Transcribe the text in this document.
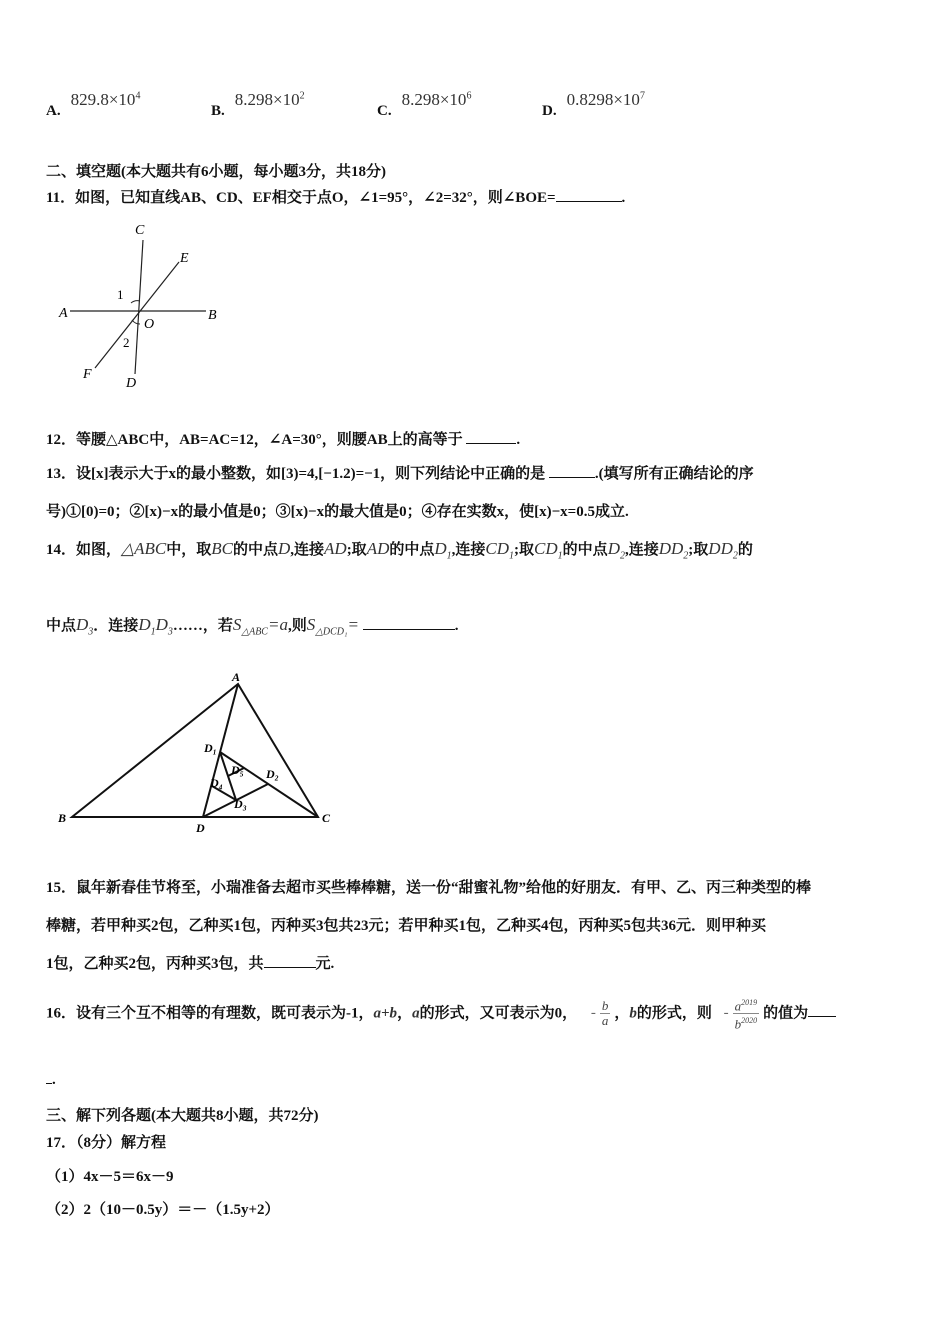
$A.829.8\times 10^4$
$B.8.298\times 10^2$
$C.8.298\times 10^6$
$D.0.8298\times 10^7$
二、填空题(本大题共有6小题，每小题3分，共18分)
11．如图，已知直线AB、CD、EF相交于点O，∠1=95°，∠2=32°，则∠BOE=	.
C
E
A	B
O
1
2
F
D
12．等腰△ABC中，AB=AC=12，∠A=30°，则腰AB上的高等于	.
13．设[x]表示大于x的最小整数，如[3)=4,[−1.2)=−1，则下列结论中正确的是	.(填写所有正确结论的序
号)①[0)=0；②[x)−x的最小值是0；③[x)−x的最大值是0；④存在实数x，使[x)−x=0.5成立.
14．如图，△ABC中，取BC的中点D,连接AD;取AD的中点$D_1$,连接$CD_1$;取$CD_1$的中点$D_2$,连接$DD_2$;取$DD_2$的
中点$D_3$．连接$D_1D_3\dots\dots$，若$S_{\triangle ABC}=a$,则$S_{\triangle DCD_1}=$	.
A
B	C
D
D₁
D₂
D₃
D₄
D₅
15．鼠年新春佳节将至，小瑞准备去超市买些棒棒糖，送一份“甜蜜礼物”给他的好朋友．有甲、乙、丙三种类型的棒
棒糖，若甲种买2包，乙种买1包，丙种买3包共23元；若甲种买1包，乙种买4包，丙种买5包共36元．则甲种买
1包，乙种买2包，丙种买3包，共	元.
16．设有三个互不相等的有理数，既可表示为-1，a+b，a的形式，又可表示为0， - $\frac{b}{a}$ ，b的形式，则 - $\frac{a^{2019}}{b^{2020}}$ 的值为
.
三、解下列各题(本大题共8小题，共72分)
17．（8分）解方程
（1）4x－5＝6x－9
（2）2（10－0.5y）＝－（1.5y+2）
